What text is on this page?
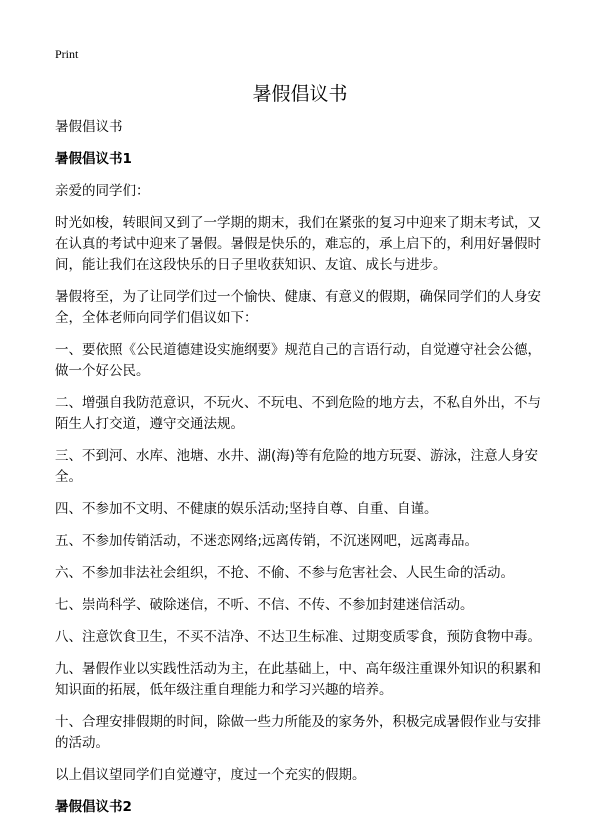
Print
暑假倡议书

暑假倡议书

暑假倡议书1

亲爱的同学们：

时光如梭，转眼间又到了一学期的期末，我们在紧张的复习中迎来了期末考试，又在认真的考试中迎来了暑假。暑假是快乐的，难忘的，承上启下的，利用好暑假时间，能让我们在这段快乐的日子里收获知识、友谊、成长与进步。

暑假将至，为了让同学们过一个愉快、健康、有意义的假期，确保同学们的人身安全，全体老师向同学们倡议如下：

一、要依照《公民道德建设实施纲要》规范自己的言语行动，自觉遵守社会公德，做一个好公民。

二、增强自我防范意识，不玩火、不玩电、不到危险的地方去，不私自外出，不与陌生人打交道，遵守交通法规。

三、不到河、水库、池塘、水井、湖(海)等有危险的地方玩耍、游泳，注意人身安全。

四、不参加不文明、不健康的娱乐活动;坚持自尊、自重、自谨。

五、不参加传销活动，不迷恋网络;远离传销，不沉迷网吧，远离毒品。

六、不参加非法社会组织，不抢、不偷、不参与危害社会、人民生命的活动。

七、崇尚科学、破除迷信，不听、不信、不传、不参加封建迷信活动。

八、注意饮食卫生，不买不洁净、不达卫生标准、过期变质零食，预防食物中毒。

九、暑假作业以实践性活动为主，在此基础上，中、高年级注重课外知识的积累和知识面的拓展，低年级注重自理能力和学习兴趣的培养。

十、合理安排假期的时间，除做一些力所能及的家务外，积极完成暑假作业与安排的活动。

以上倡议望同学们自觉遵守，度过一个充实的假期。

暑假倡议书2
